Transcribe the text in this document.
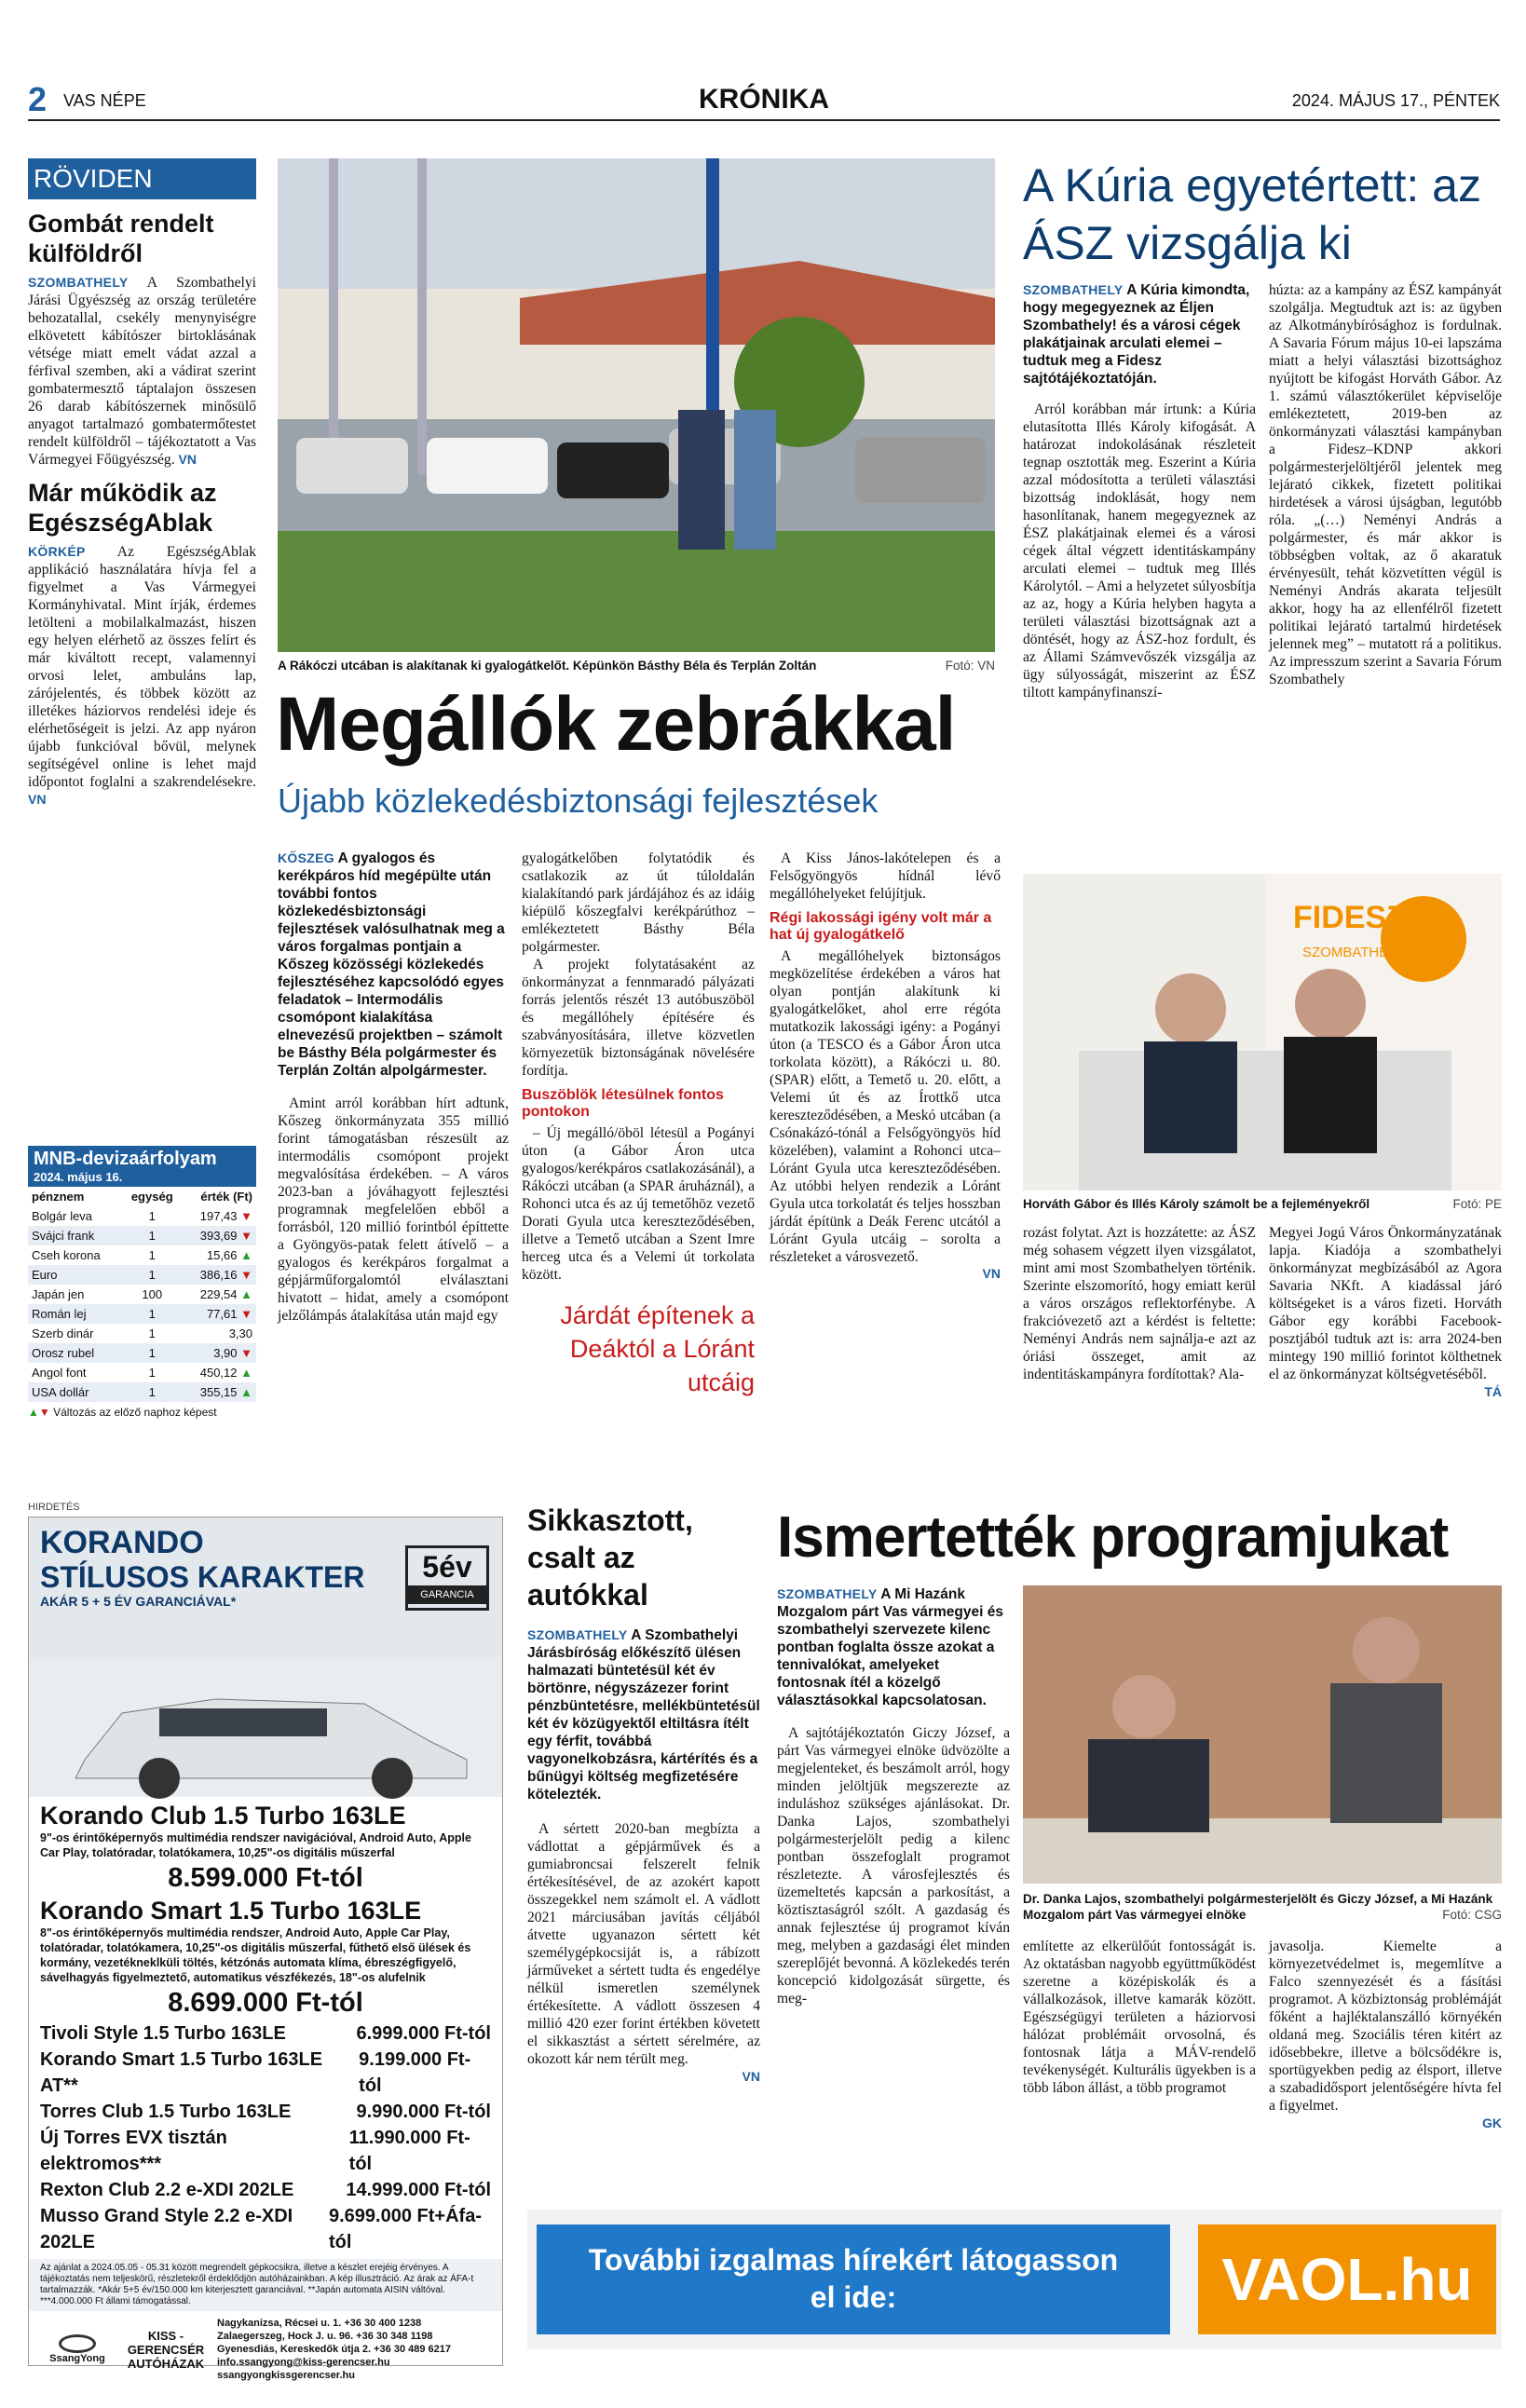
2 VAS NÉPE	KRÓNIKA	2024. MÁJUS 17., PÉNTEK
RÖVIDEN
Gombát rendelt külföldről
SZOMBATHELY A Szombathelyi Járási Ügyészség az ország területére behozatallal, csekély menynyiségre elkövetett kábítószer birtoklásának vétsége miatt emelt vádat azzal a férfival szemben, aki a vádirat szerint gombatermesztő táptalajon összesen 26 darab kábítószernek minősülő anyagot tartalmazó gombatermőtestet rendelt külföldről – tájékoztatott a Vas Vármegyei Főügyészség. VN
Már működik az EgészségAblak
KÖRKÉP Az EgészségAblak applikáció használatára hívja fel a figyelmet a Vas Vármegyei Kormányhivatal. Mint írják, érdemes letölteni a mobilalkalmazást, hiszen egy helyen elérhető az összes felírt és már kiváltott recept, valamennyi orvosi lelet, ambuláns lap, zárójelentés, és többek között az illetékes háziorvos rendelési ideje és elérhetőségeit is jelzi. Az app nyáron újabb funkcióval bővül, melynek segítségével online is lehet majd időpontot foglalni a szakrendelésekre. VN
MNB-devizaárfolyam
2024. május 16.
pénznem	egység	érték (Ft)
Bolgár leva	1	197,43 ▼
Svájci frank	1	393,69 ▼
Cseh korona	1	15,66 ▲
Euro	1	386,16 ▼
Japán jen	100	229,54 ▲
Román lej	1	77,61 ▼
Szerb dinár	1	3,30
Orosz rubel	1	3,90 ▼
Angol font	1	450,12 ▲
USA dollár	1	355,15 ▲
▲▼ Változás az előző naphoz képest
A Rákóczi utcában is alakítanak ki gyalogátkelőt. Képünkön Básthy Béla és Terplán Zoltán	Fotó: VN
Megállók zebrákkal
Újabb közlekedésbiztonsági fejlesztések
KŐSZEG A gyalogos és kerékpáros híd megépülte után további fontos közlekedésbiztonsági fejlesztések valósulhatnak meg a város forgalmas pontjain a Kőszeg közösségi közlekedés fejlesztéséhez kapcsolódó egyes feladatok – Intermodális csomópont kialakítása elnevezésű projektben – számolt be Básthy Béla polgármester és Terplán Zoltán alpolgármester.

Amint arról korábban hírt adtunk, Kőszeg önkormányzata 355 millió forint támogatásban részesült az intermodális csomópont projekt megvalósítása érdekében. – A város 2023-ban a jóváhagyott fejlesztési programnak megfelelően ebből a forrásból, 120 millió forintból építtette a Gyöngyös-patak felett átívelő – a gyalogos és kerékpáros forgalmat a gépjárműforgalomtól elválasztani hivatott – hidat, amely a csomópont jelzőlámpás átalakítása után majd egy

gyalogátkelőben folytatódik és csatlakozik az út túloldalán kialakítandó park járdájához és az idáig kiépülő kőszegfalvi kerékpárúthoz – emlékeztetett Básthy Béla polgármester.

A projekt folytatásaként az önkormányzat a fennmaradó pályázati forrás jelentős részét 13 autóbuszöböl és megállóhely építésére és szabványosítására, illetve közvetlen környezetük biztonságának növelésére fordítja.

Buszöblök létesülnek fontos pontokon

– Új megálló/öböl létesül a Pogányi úton (a Gábor Áron utca gyalogos/kerékpáros csatlakozásánál), a Rákóczi utcában (a SPAR áruháznál), a Rohonci utca és az új temetőhöz vezető Dorati Gyula utca kereszteződésében, illetve a Temető utcában a Szent Imre herceg utca és a Velemi út torkolata között.

Járdát építenek a Deáktól a Lóránt utcáig

A Kiss János-lakótelepen és a Felsőgyöngyös hídnál lévő megállóhelyeket felújítjuk.

Régi lakossági igény volt már a hat új gyalogátkelő

A megállóhelyek biztonságos megközelítése érdekében a város hat olyan pontján alakítunk ki gyalogátkelőket, ahol erre régóta mutatkozik lakossági igény: a Pogányi úton (a TESCO és a Gábor Áron utca torkolata között), a Rákóczi u. 80. (SPAR) előtt, a Temető u. 20. előtt, a Velemi út és az Írottkő utca kereszteződésében, a Meskó utcában (a Csónakázó-tónál a Felsőgyöngyös híd közelében), valamint a Rohonci utca–Lóránt Gyula utca kereszteződésében. Az utóbbi helyen rendezik a Lóránt Gyula utca torkolatát és teljes hosszban járdát építünk a Deák Ferenc utcától a Lóránt Gyula utcáig – sorolta a részleteket a városvezető.

VN
A Kúria egyetértett: az ÁSZ vizsgálja ki
SZOMBATHELY A Kúria kimondta, hogy megegyeznek az Éljen Szombathely! és a városi cégek plakátjainak arculati elemei – tudtuk meg a Fidesz sajtótájékoztatóján.

Arról korábban már írtunk: a Kúria elutasította Illés Károly kifogását. A határozat indokolásának részleteit tegnap osztották meg. Eszerint a Kúria azzal módosította a területi választási bizottság indoklását, hogy nem hasonlítanak, hanem megegyeznek az ÉSZ plakátjainak elemei és a városi cégek által végzett identitáskampány arculati elemei – tudtuk meg Illés Károlytól. – Ami a helyzetet súlyosbítja az az, hogy a Kúria helyben hagyta a területi választási bizottságnak azt a döntését, hogy az ÁSZ-hoz fordult, és az Állami Számvevőszék vizsgálja az ügy súlyosságát, miszerint az ÉSZ tiltott kampányfinanszí-

húzta: az a kampány az ÉSZ kampányát szolgálja. Megtudtuk azt is: az ügyben az Alkotmánybírósághoz is fordulnak. A Savaria Fórum május 10-ei lapszáma miatt a helyi választási bizottsághoz nyújtott be kifogást Horváth Gábor. Az 1. számú választókerület képviselője emlékeztetett, 2019-ben az önkormányzati választási kampányban a Fidesz–KDNP akkori polgármesterjelöltjéről jelentek meg lejárató cikkek, fizetett politikai hirdetések a városi újságban, legutóbb róla. „(…) Neményi András a polgármester, és már akkor is többségben voltak, az ő akaratuk érvényesült, tehát közvetítten végül is Neményi András akarata teljesült akkor, hogy ha az ellenfélről fizetett politikai lejárató tartalmú hirdetések jelennek meg” – mutatott rá a politikus. Az impresszum szerint a Savaria Fórum Szombathely

FIDESZ
SZOMBATHELY
Horváth Gábor és Illés Károly számolt be a fejleményekről	Fotó: PE

rozást folytat. Azt is hozzátette: az ÁSZ még sohasem végzett ilyen vizsgálatot, mint ami most Szombathelyen történik. Szerinte elszomorító, hogy emiatt kerül a város országos reflektorfénybe. A frakcióvezető azt a kérdést is feltette: Neményi András nem sajnálja-e azt az óriási összeget, amit az indentitáskampányra fordítottak? Ala-

Megyei Jogú Város Önkormányzatának lapja. Kiadója a szombathelyi önkormányzat megbízásából az Agora Savaria NKft. A kiadással járó költségeket is a város fizeti. Horváth Gábor egy korábbi Facebook-posztjából tudtuk azt is: arra 2024-ben mintegy 190 millió forintot költhetnek el az önkormányzat költségvetéséből.

TÁ
HIRDETÉS
KORANDO
STÍLUSOS KARAKTER
AKÁR 5 + 5 ÉV GARANCIÁVAL*
5év
GARANCIA
Korando Club 1.5 Turbo 163LE
9"-os érintőképernyős multimédia rendszer navigációval, Android Auto, Apple Car Play, tolatóradar, tolatókamera, 10,25"-os digitális műszerfal
8.599.000 Ft-tól
Korando Smart 1.5 Turbo 163LE
8"-os érintőképernyős multimédia rendszer, Android Auto, Apple Car Play, tolatóradar, tolatókamera, 10,25"-os digitális műszerfal, fűthető első ülések és kormány, vezetékneklküli töltés, kétzónás automata klíma, ébreszégfigyelő, sávelhagyás figyelmeztető, automatikus vészfékezés, 18"-os alufelnik
8.699.000 Ft-tól
Tivoli Style 1.5 Turbo 163LE	6.999.000 Ft-tól
Korando Smart 1.5 Turbo 163LE AT**
9.199.000 Ft-tól
Torres Club 1.5 Turbo 163LE	9.990.000 Ft-tól
Új Torres EVX tisztán elektromos***
11.990.000 Ft-tól
Rexton Club 2.2 e-XDI 202LE	14.999.000 Ft-tól
Musso Grand Style 2.2 e-XDI 202LE
9.699.000 Ft+Áfa-tól
Az ajánlat a 2024.05.05 - 05.31 között megrendelt gépkocsikra, illetve a készlet erejéig érvényes. A tájékoztatás nem teljeskörű, részletekről érdeklődjön autóházainkban. A kép illusztráció. Az árak az ÁFA-t tartalmazzák. *Akár 5+5 év/150.000 km kiterjesztett garanciával. **Japán automata AISIN váltóval. ***4.000.000 Ft állami támogatással.
SsangYong
KISS - GERENCSÉR AUTÓHÁZAK
Nagykanizsa, Récsei u. 1. +36 30 400 1238 Zalaegerszeg, Hock J. u. 96. +36 30 348 1198 Gyenesdiás, Kereskedők útja 2. +36 30 489 6217 info.ssangyong@kiss-gerencser.hu ssangyongkissgerencser.hu
Sikkasztott, csalt az autókkal
SZOMBATHELY A Szombathelyi Járásbíróság előkészítő ülésen halmazati büntetésül két év börtönre, négyszázezer forint pénzbüntetésre, mellékbüntetésül két év közügyektől eltiltásra ítélt egy férfit, továbbá vagyonelkobzásra, kártérítés és a bűnügyi költség megfizetésére kötelezték.

A sértett 2020-ban megbízta a vádlottat a gépjárművek és a gumiabroncsai felszerelt felnik értékesítésével, de az azokért kapott összegekkel nem számolt el. A vádlott 2021 márciusában javítás céljából átvette ugyanazon sértett két személygépkocsiját is, a rábízott járműveket a sértett tudta és engedélye nélkül ismeretlen személynek értékesítette. A vádlott összesen 4 millió 420 ezer forint értékben követett el sikkasztást a sértett sérelmére, az okozott kár nem térült meg.

VN
Ismertették programjukat
SZOMBATHELY A Mi Hazánk Mozgalom párt Vas vármegyei és szombathelyi szervezete kilenc pontban foglalta össze azokat a tennivalókat, amelyeket fontosnak ítél a közelgő választásokkal kapcsolatosan.

A sajtótájékoztatón Giczy József, a párt Vas vármegyei elnöke üdvözölte a megjelenteket, és beszámolt arról, hogy minden jelöltjük megszerezte az induláshoz szükséges ajánlásokat. Dr. Danka Lajos, szombathelyi polgármesterjelölt pedig a kilenc pontban összefoglalt programot részletezte. A városfejlesztés és üzemeltetés kapcsán a parkosítást, a köztisztaságról szólt. A gazdaság és annak fejlesztése új programot kíván meg, melyben a gazdasági élet minden szereplőjét bevonná. A közlekedés terén koncepció kidolgozását sürgette, és meg-

Dr. Danka Lajos, szombathelyi polgármesterjelölt és Giczy József, a Mi Hazánk Mozgalom párt Vas vármegyei elnöke	Fotó: CSG

említette az elkerülőút fontosságát is. Az oktatásban nagyobb együttműködést szeretne a középiskolák és a vállalkozások, illetve kamarák között. Egészségügyi területen a háziorvosi hálózat problémáit orvosolná, és fontosnak látja a MÁV-rendelő tevékenységét. Kulturális ügyekben is a több lábon állást, a több programot

javasolja. Kiemelte a környezetvédelmet is, megemlítve a Falco szennyezését és a fásítási programot. A közbiztonság problémáját főként a hajléktalanszálló környékén oldaná meg. Szociális téren kitért az idősebbekre, illetve a bölcsődékre is, sportügyekben pedig az élsport, illetve a szabadidősport jelentőségére hívta fel a figyelmet.

GK
További izgalmas hírekért látogasson el ide:	VAOL.hu
